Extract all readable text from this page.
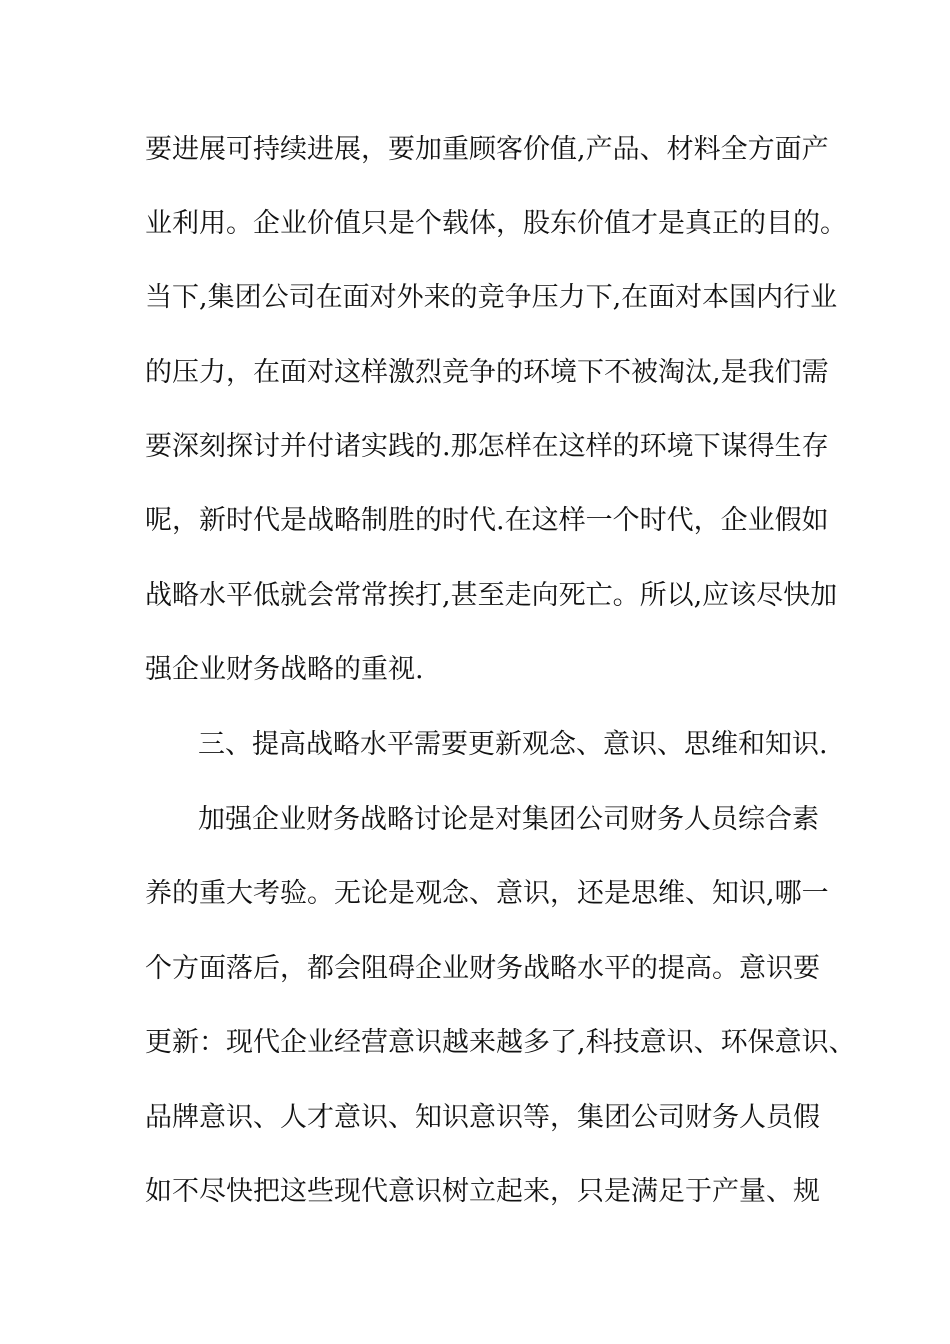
要进展可持续进展，要加重顾客价值,产品、材料全方面产
业利用。企业价值只是个载体，股东价值才是真正的目的。
当下,集团公司在面对外来的竞争压力下,在面对本国内行业
的压力，在面对这样激烈竞争的环境下不被淘汰,是我们需
要深刻探讨并付诸实践的.那怎样在这样的环境下谋得生存
呢，新时代是战略制胜的时代.在这样一个时代，企业假如
战略水平低就会常常挨打,甚至走向死亡。所以,应该尽快加
强企业财务战略的重视.
三、提高战略水平需要更新观念、意识、思维和知识.
加强企业财务战略讨论是对集团公司财务人员综合素
养的重大考验。无论是观念、意识，还是思维、知识,哪一
个方面落后，都会阻碍企业财务战略水平的提高。意识要
更新：现代企业经营意识越来越多了,科技意识、环保意识、
品牌意识、人才意识、知识意识等，集团公司财务人员假
如不尽快把这些现代意识树立起来，只是满足于产量、规
